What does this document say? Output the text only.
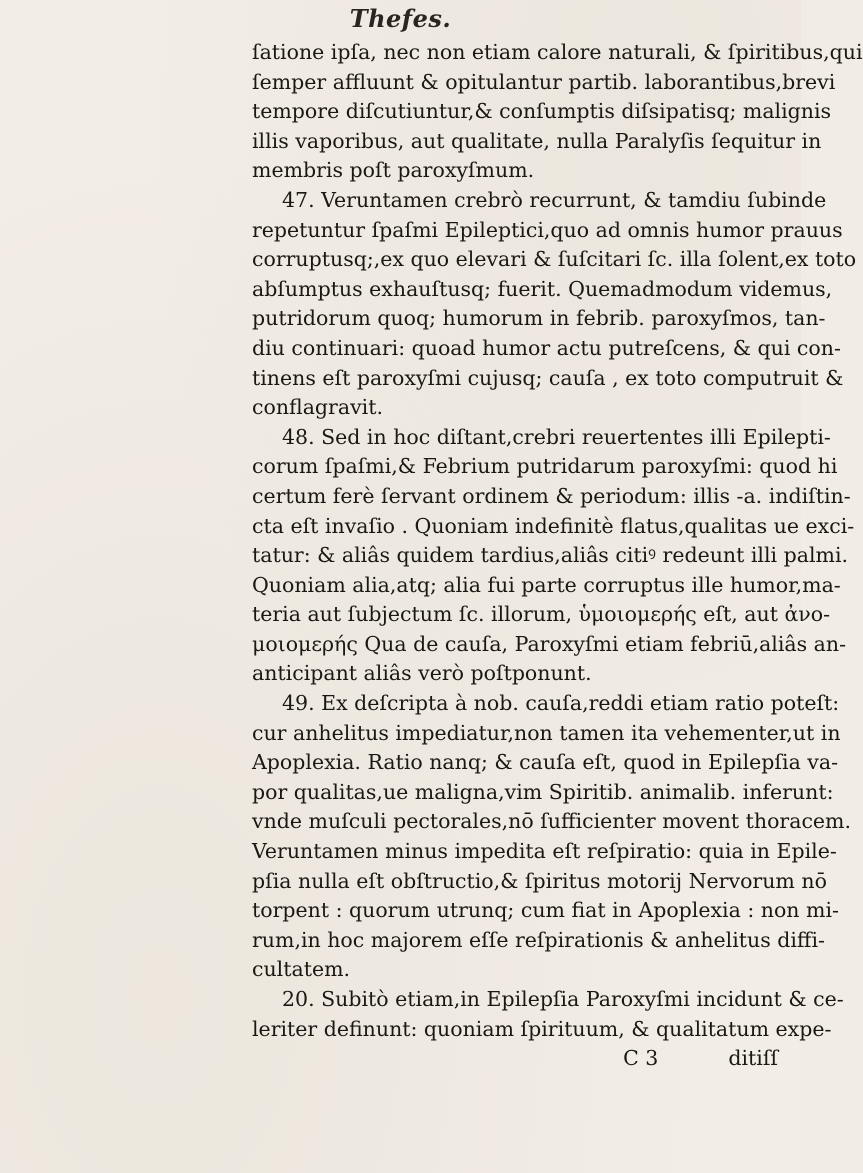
Thefes.
ſatione ipſa, nec non etiam calore naturali, & ſpiritibus,qui
ſemper affluunt & opitulantur partib. laborantibus,brevi
tempore diſcutiuntur,& conſumptis diſsipatisq; malignis
illis vaporibus, aut qualitate, nulla Paralyſis ſequitur in
membris poſt paroxyſmum.
47. Veruntamen crebrò recurrunt, & tamdiu ſubinde
repetuntur ſpaſmi Epileptici,quo ad omnis humor prauus
corruptusq;,ex quo elevari & ſuſcitari ſc. illa ſolent,ex toto
abſumptus exhauſtusq; fuerit. Quemadmodum videmus,
putridorum quoq; humorum in febrib. paroxyſmos, tan-
diu continuari: quoad humor actu putreſcens, & qui con-
tinens eſt paroxyſmi cujusq; cauſa , ex toto computruit &
conflagravit.
48. Sed in hoc diſtant,crebri reuertentes illi Epilepti-
corum ſpaſmi,& Febrium putridarum paroxyſmi: quod hi
certum ferè ſervant ordinem & periodum: illis -a. indiſtin-
cta eſt invaſio . Quoniam indefinitè flatus,qualitas ue exci-
tatur: & aliâs quidem tardius,aliâs citiꝰ redeunt illi palmi.
Quoniam alia,atq; alia fui parte corruptus ille humor,ma-
teria aut ſubjectum ſc. illorum, ὑμοιομερής eſt, aut ἀνο-
μοιομερής Qua de cauſa, Paroxyſmi etiam febriū,aliâs an-
anticipant aliâs verò poſtponunt.
49. Ex deſcripta à nob. cauſa,reddi etiam ratio poteſt:
cur anhelitus impediatur,non tamen ita vehementer,ut in
Apoplexia. Ratio nanq; & cauſa eſt, quod in Epilepſia va-
por qualitas,ue maligna,vim Spiritib. animalib. inferunt:
vnde muſculi pectorales,nō ſufficienter movent thoracem.
Veruntamen minus impedita eſt reſpiratio: quia in Epile-
pſia nulla eſt obſtructio,& ſpiritus motorij Nervorum nō
torpent : quorum utrunq; cum fiat in Apoplexia : non mi-
rum,in hoc majorem eſſe reſpirationis & anhelitus diffi-
cultatem.
20. Subitò etiam,in Epilepſia Paroxyſmi incidunt & ce-
leriter definunt: quoniam ſpirituum, & qualitatum expe-
C 3	ditiſſ
